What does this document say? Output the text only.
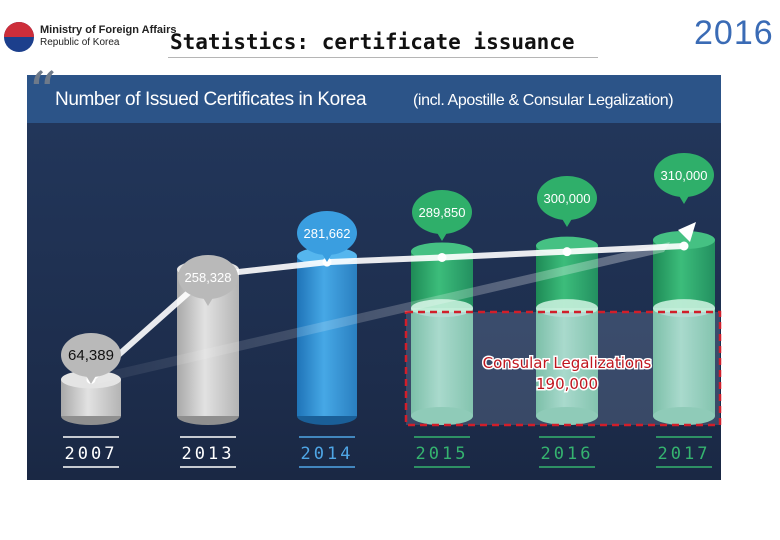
Ministry of Foreign Affairs
Republic of Korea Statistics: certificate issuance	2016
“
Number of Issued Certificates in Korea	(incl. Apostille & Consular Legalization)
64,389
258,328
281,662
289,850
300,000
310,000
Consular Legalizations
190,000
2007	2013	2014	2015	2016	2017
